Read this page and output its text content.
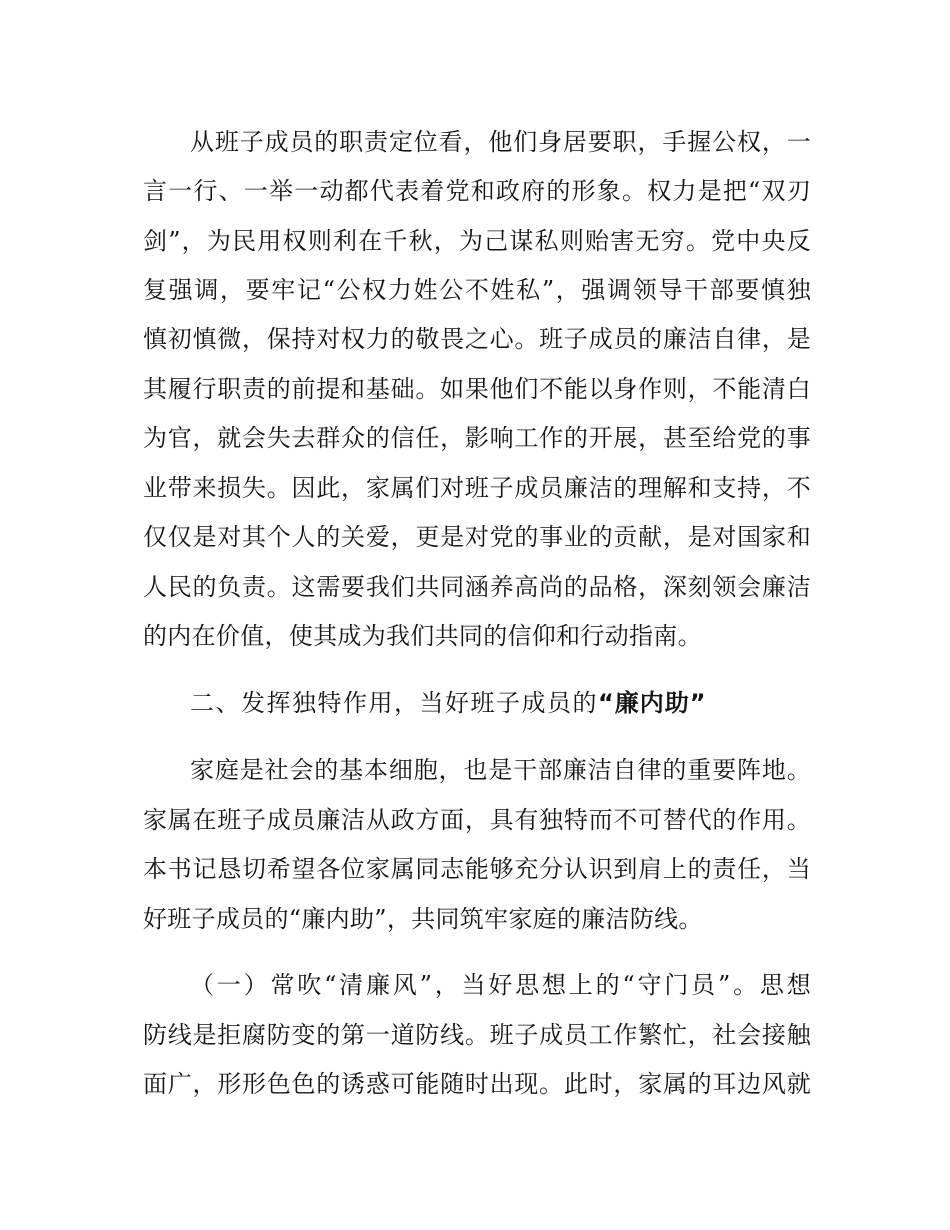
从班子成员的职责定位看，他们身居要职，手握公权，一
言一行、一举一动都代表着党和政府的形象。权力是把“双刃
剑”，为民用权则利在千秋，为己谋私则贻害无穷。党中央反
复强调，要牢记“公权力姓公不姓私”，强调领导干部要慎独
慎初慎微，保持对权力的敬畏之心。班子成员的廉洁自律，是
其履行职责的前提和基础。如果他们不能以身作则，不能清白
为官，就会失去群众的信任，影响工作的开展，甚至给党的事
业带来损失。因此，家属们对班子成员廉洁的理解和支持，不
仅仅是对其个人的关爱，更是对党的事业的贡献，是对国家和
人民的负责。这需要我们共同涵养高尚的品格，深刻领会廉洁
的内在价值，使其成为我们共同的信仰和行动指南。
二、发挥独特作用，当好班子成员的“廉内助”
家庭是社会的基本细胞，也是干部廉洁自律的重要阵地。
家属在班子成员廉洁从政方面，具有独特而不可替代的作用。
本书记恳切希望各位家属同志能够充分认识到肩上的责任，当
好班子成员的“廉内助”，共同筑牢家庭的廉洁防线。
（一）常吹“清廉风”，当好思想上的“守门员”。思想
防线是拒腐防变的第一道防线。班子成员工作繁忙，社会接触
面广，形形色色的诱惑可能随时出现。此时，家属的耳边风就
